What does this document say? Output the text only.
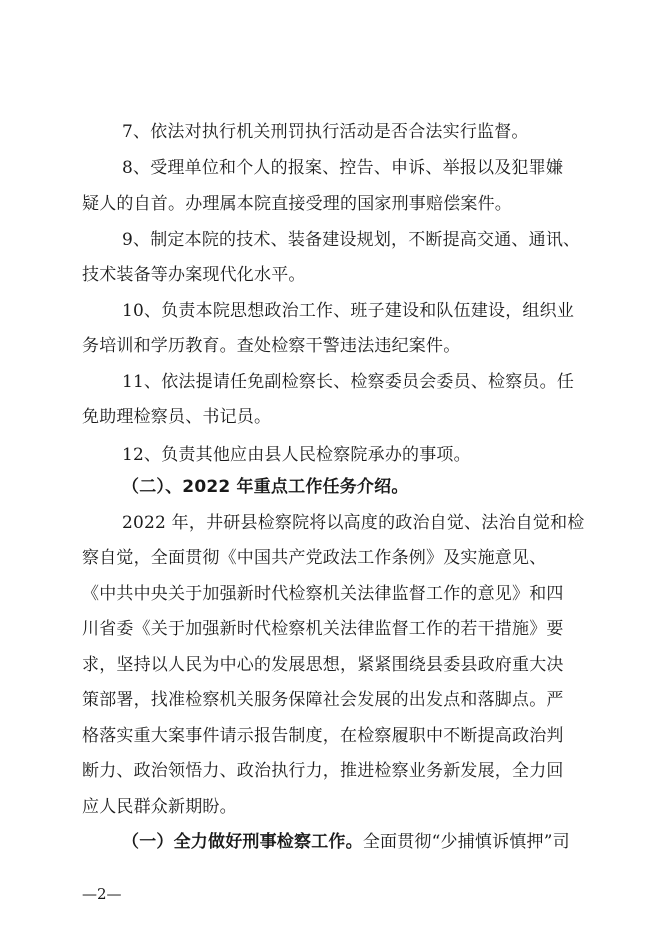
7、依法对执行机关刑罚执行活动是否合法实行监督。
8、受理单位和个人的报案、控告、申诉、举报以及犯罪嫌
疑人的自首。办理属本院直接受理的国家刑事赔偿案件。
9、制定本院的技术、装备建设规划，不断提高交通、通讯、
技术装备等办案现代化水平。
10、负责本院思想政治工作、班子建设和队伍建设，组织业
务培训和学历教育。查处检察干警违法违纪案件。
11、依法提请任免副检察长、检察委员会委员、检察员。任
免助理检察员、书记员。
12、负责其他应由县人民检察院承办的事项。
（二）、2022 年重点工作任务介绍。
2022 年，井研县检察院将以高度的政治自觉、法治自觉和检
察自觉，全面贯彻《中国共产党政法工作条例》及实施意见、
《中共中央关于加强新时代检察机关法律监督工作的意见》和四
川省委《关于加强新时代检察机关法律监督工作的若干措施》要
求，坚持以人民为中心的发展思想，紧紧围绕县委县政府重大决
策部署，找准检察机关服务保障社会发展的出发点和落脚点。严
格落实重大案事件请示报告制度，在检察履职中不断提高政治判
断力、政治领悟力、政治执行力，推进检察业务新发展，全力回
应人民群众新期盼。
（一）全力做好刑事检察工作。全面贯彻“少捕慎诉慎押”司
—2—
